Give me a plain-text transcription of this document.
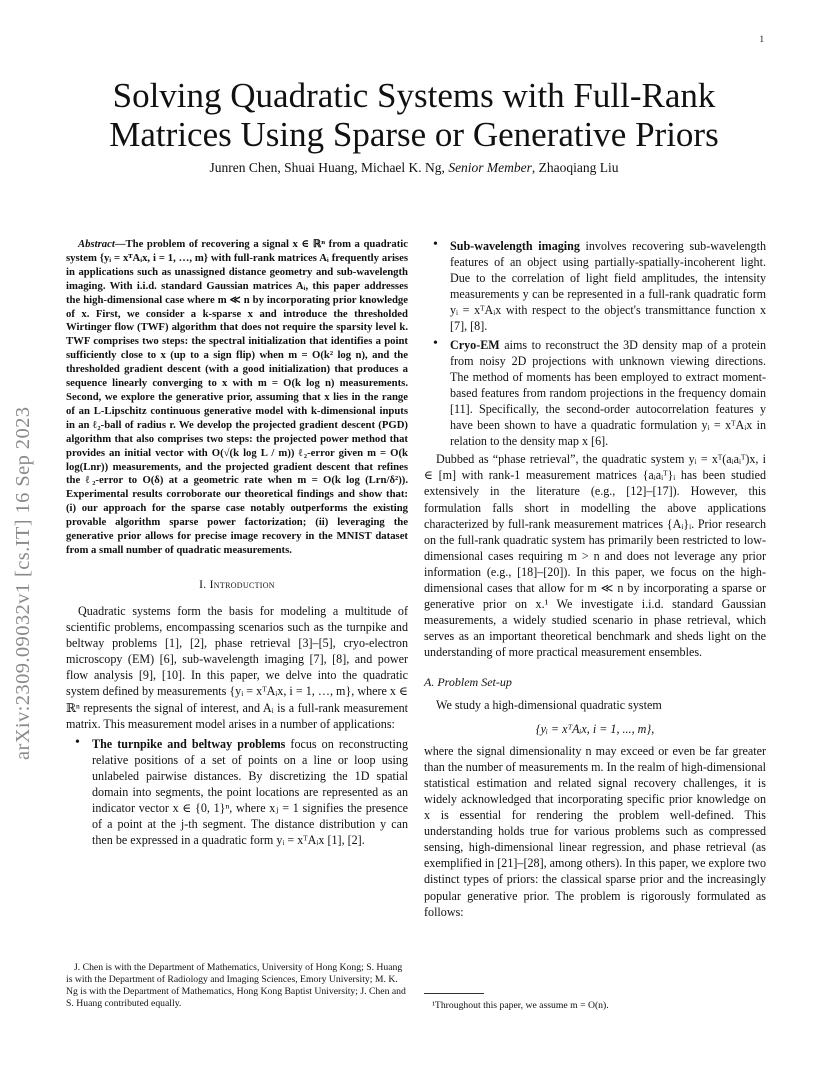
1
arXiv:2309.09032v1 [cs.IT] 16 Sep 2023
Solving Quadratic Systems with Full-Rank Matrices Using Sparse or Generative Priors
Junren Chen, Shuai Huang, Michael K. Ng, Senior Member, Zhaoqiang Liu

Abstract—The problem of recovering a signal x ∈ ℝⁿ from a quadratic system {yᵢ = xᵀAᵢx, i = 1, …, m} with full-rank matrices Aᵢ frequently arises in applications such as unassigned distance geometry and sub-wavelength imaging. With i.i.d. standard Gaussian matrices Aᵢ, this paper addresses the high-dimensional case where m ≪ n by incorporating prior knowledge of x. First, we consider a k-sparse x and introduce the thresholded Wirtinger flow (TWF) algorithm that does not require the sparsity level k. TWF comprises two steps: the spectral initialization that identifies a point sufficiently close to x (up to a sign flip) when m = O(k² log n), and the thresholded gradient descent (with a good initialization) that produces a sequence linearly converging to x with m = O(k log n) measurements. Second, we explore the generative prior, assuming that x lies in the range of an L-Lipschitz continuous generative model with k-dimensional inputs in an ℓ₂-ball of radius r. We develop the projected gradient descent (PGD) algorithm that also comprises two steps: the projected power method that provides an initial vector with O(√(k log L / m)) ℓ₂-error given m = O(k log(Lnr)) measurements, and the projected gradient descent that refines the ℓ₂-error to O(δ) at a geometric rate when m = O(k log (Lrn/δ²)). Experimental results corroborate our theoretical findings and show that: (i) our approach for the sparse case notably outperforms the existing provable algorithm sparse power factorization; (ii) leveraging the generative prior allows for precise image recovery in the MNIST dataset from a small number of quadratic measurements.

I. Introduction

Quadratic systems form the basis for modeling a multitude of scientific problems, encompassing scenarios such as the turnpike and beltway problems [1], [2], phase retrieval [3]–[5], cryo-electron microscopy (EM) [6], sub-wavelength imaging [7], [8], and power flow analysis [9], [10]. In this paper, we delve into the quadratic system defined by measurements {yᵢ = xᵀAᵢx, i = 1, …, m}, where x ∈ ℝⁿ represents the signal of interest, and Aᵢ is a full-rank measurement matrix. This measurement model arises in a number of applications:

• The turnpike and beltway problems focus on reconstructing relative positions of a set of points on a line or loop using unlabeled pairwise distances. By discretizing the 1D spatial domain into segments, the point locations are represented as an indicator vector x ∈ {0, 1}ⁿ, where xⱼ = 1 signifies the presence of a point at the j-th segment. The distance distribution y can then be expressed in a quadratic form yᵢ = xᵀAᵢx [1], [2].

J. Chen is with the Department of Mathematics, University of Hong Kong; S. Huang is with the Department of Radiology and Imaging Sciences, Emory University; M. K. Ng is with the Department of Mathematics, Hong Kong Baptist University; J. Chen and S. Huang contributed equally.

• Sub-wavelength imaging involves recovering sub-wavelength features of an object using partially-spatially-incoherent light. Due to the correlation of light field amplitudes, the intensity measurements y can be represented in a full-rank quadratic form yᵢ = xᵀAᵢx with respect to the object's transmittance function x [7], [8].
• Cryo-EM aims to reconstruct the 3D density map of a protein from noisy 2D projections with unknown viewing directions. The method of moments has been employed to extract moment-based features from random projections in the frequency domain [11]. Specifically, the second-order autocorrelation features y have been shown to have a quadratic formulation yᵢ = xᵀAᵢx in relation to the density map x [6].

Dubbed as “phase retrieval”, the quadratic system yᵢ = xᵀ(aᵢaᵢᵀ)x, i ∈ [m] with rank-1 measurement matrices {aᵢaᵢᵀ}ᵢ has been studied extensively in the literature (e.g., [12]–[17]). However, this formulation falls short in modelling the above applications characterized by full-rank measurement matrices {Aᵢ}ᵢ. Prior research on the full-rank quadratic system has primarily been restricted to low-dimensional cases requiring m > n and does not leverage any prior information (e.g., [18]–[20]). In this paper, we focus on the high-dimensional cases that allow for m ≪ n by incorporating a sparse or generative prior on x.¹ We investigate i.i.d. standard Gaussian measurements, a widely studied scenario in phase retrieval, which serves as an important theoretical benchmark and sheds light on the understanding of more practical measurement ensembles.

A. Problem Set-up

We study a high-dimensional quadratic system

{yᵢ = xᵀAᵢx, i = 1, ..., m},

where the signal dimensionality n may exceed or even be far greater than the number of measurements m. In the realm of high-dimensional statistical estimation and related signal recovery challenges, it is widely acknowledged that incorporating specific prior knowledge on x is essential for rendering the problem well-defined. This understanding holds true for various problems such as compressed sensing, high-dimensional linear regression, and phase retrieval (as exemplified in [21]–[28], among others). In this paper, we explore two distinct types of priors: the classical sparse prior and the increasingly popular generative prior. The problem is rigorously formulated as follows:

¹Throughout this paper, we assume m = O(n).
